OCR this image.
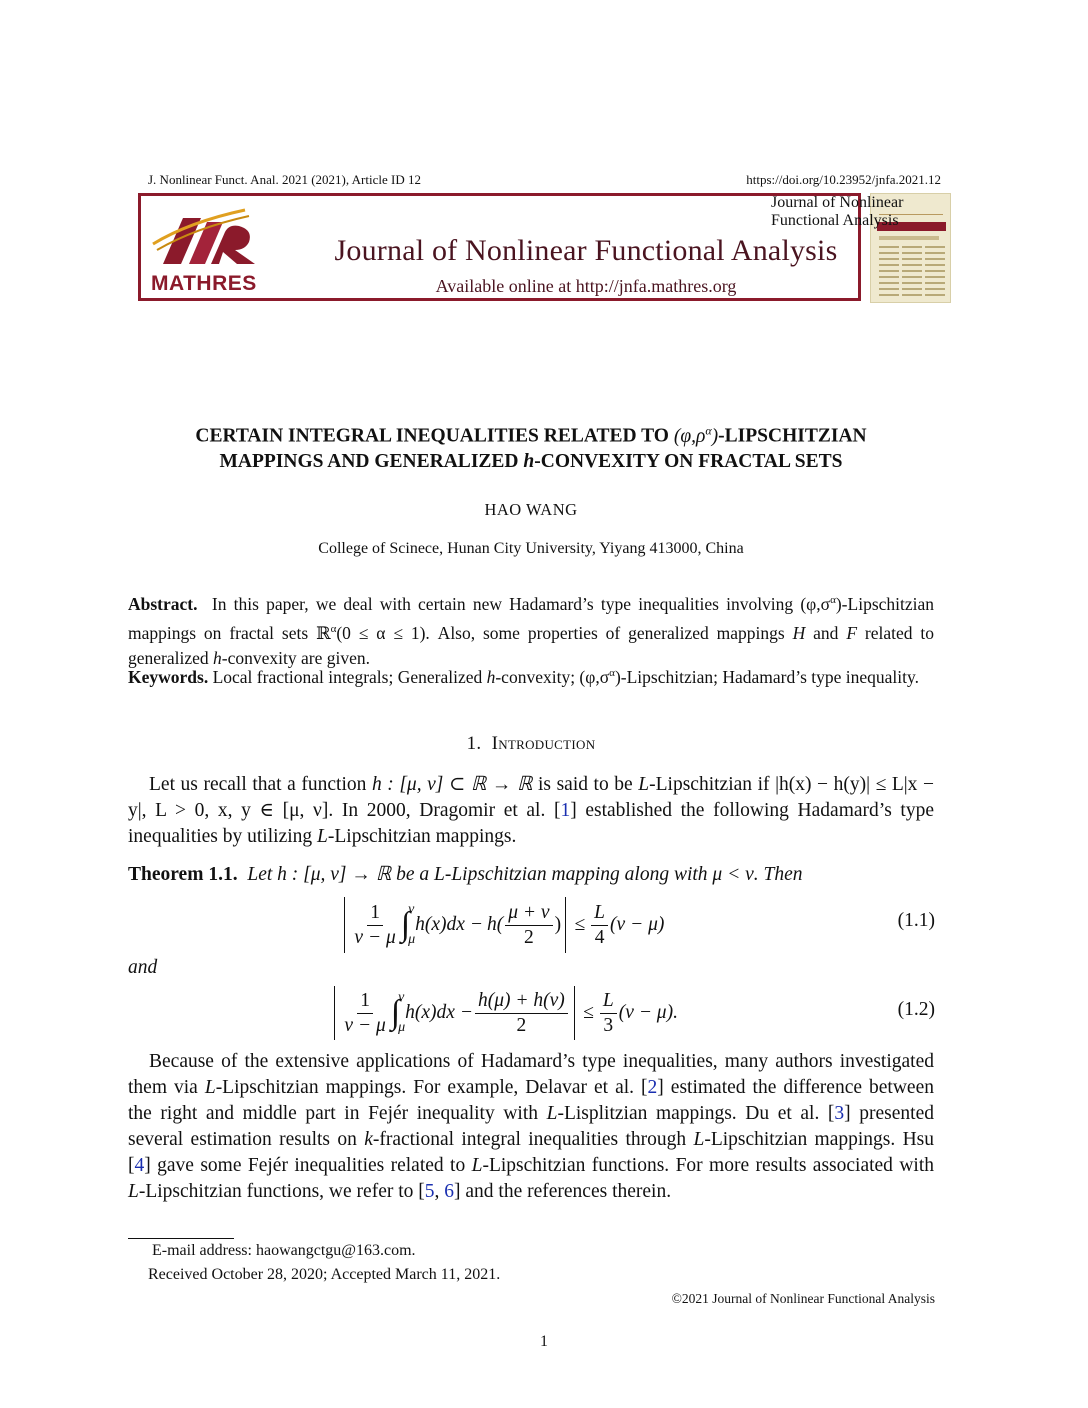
J. Nonlinear Funct. Anal. 2021 (2021), Article ID 12	https://doi.org/10.23952/jnfa.2021.12
MATHRES
Journal of Nonlinear Functional Analysis
Available online at http://jnfa.mathres.org
Journal of Nonlinear Functional Analysis
CERTAIN INTEGRAL INEQUALITIES RELATED TO $(\varphi,\rho^\alpha)$-LIPSCHITZIAN
MAPPINGS AND GENERALIZED h-CONVEXITY ON FRACTAL SETS
HAO WANG
College of Scinece, Hunan City University, Yiyang 413000, China
Abstract. In this paper, we deal with certain new Hadamard’s type inequalities involving $(\varphi,\sigma^\alpha)$-Lipschitzian mappings on fractal sets ℝ$^\alpha$(0 ≤ α ≤ 1). Also, some properties of generalized mappings H and F related to generalized h-convexity are given.
Keywords. Local fractional integrals; Generalized h-convexity; $(\varphi,\sigma^\alpha)$-Lipschitzian; Hadamard’s type inequality.
1. Introduction
Let us recall that a function h : [μ, ν] ⊂ ℝ → ℝ is said to be L-Lipschitzian if |h(x) − h(y)| ≤ L|x − y|, L > 0, x, y ∈ [μ, ν]. In 2000, Dragomir et al. [1] established the following Hadamard’s type inequalities by utilizing L-Lipschitzian mappings.
Theorem 1.1. Let h : [μ, ν] → ℝ be a L-Lipschitzian mapping along with μ < ν. Then
$\frac{1}{\nu - \mu}$ ∫
ν
μ
$h(x)dx - h( \frac{\mu + \nu}{2}$ ) ≤ $\frac{L}{4} (\nu - \mu)$	(1.1)
and
$\frac{1}{\nu - \mu}$ ∫
ν
μ
$h(x)dx - \frac{h(\mu) + h(\nu)}{2} \le \frac{L}{3} (\nu - \mu)$.	(1.2)
Because of the extensive applications of Hadamard’s type inequalities, many authors investigated them via L-Lipschitzian mappings. For example, Delavar et al. [2] estimated the difference between the right and middle part in Fejér inequality with L-Lisplitzian mappings. Du et al. [3] presented several estimation results on k-fractional integral inequalities through L-Lipschitzian mappings. Hsu [4] gave some Fejér inequalities related to L-Lipschitzian functions. For more results associated with L-Lipschitzian functions, we refer to [5, 6] and the references therein.
E-mail address: haowangctgu@163.com.
Received October 28, 2020; Accepted March 11, 2021.
©2021 Journal of Nonlinear Functional Analysis
1
